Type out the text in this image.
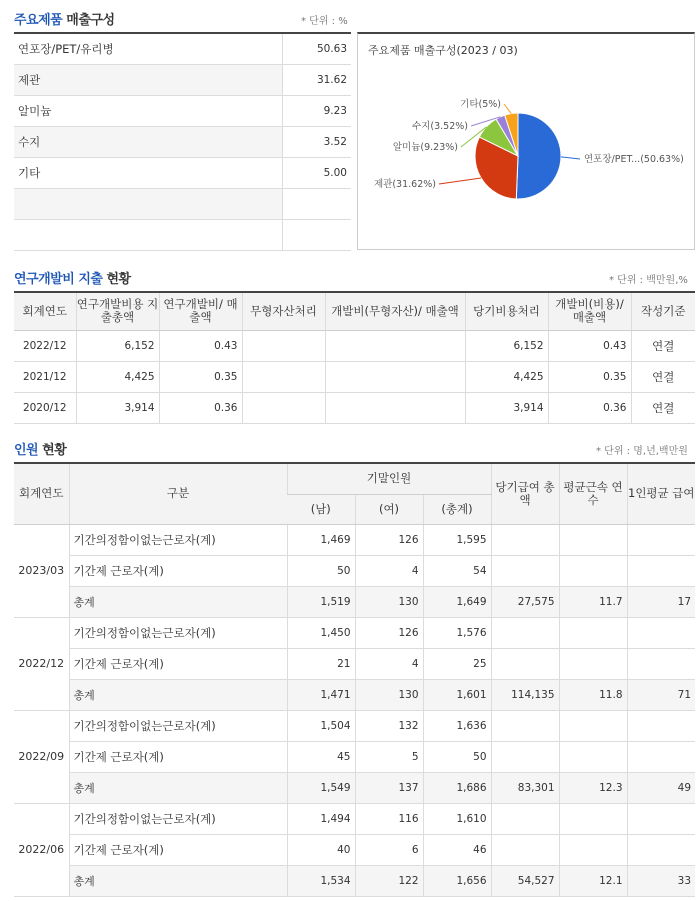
주요제품 매출구성	* 단위 : %
연포장/PET/유리병	50.63
제관	31.62
알미늄	9.23
수지	3.52
기타	5.00

주요제품 매출구성(2023 / 03)
연포장/PET...(50.63%)
제관(31.62%)
알미늄(9.23%)
수지(3.52%)
기타(5%)
연구개발비 지출 현황	* 단위 : 백만원,%
회계연도	연구개발비용 지출총액	연구개발비/ 매출액	무형자산처리	개발비(무형자산)/ 매출액	당기비용처리	개발비(비용)/ 매출액	작성기준
2022/12	6,152	0.43			6,152	0.43	연결
2021/12	4,425	0.35			4,425	0.35	연결
2020/12	3,914	0.36			3,914	0.36	연결
인원 현황	* 단위 : 명,년,백만원
회계연도	구분	기말인원			당기급여 총액	평균근속 연수	1인평균 급여
		(남)	(여)	(총계)			
2023/03	기간의정함이없는근로자(계)	1,469	126	1,595			
	기간제 근로자(계)	50	4	54			
	총계	1,519	130	1,649	27,575	11.7	17
2022/12	기간의정함이없는근로자(계)	1,450	126	1,576			
	기간제 근로자(계)	21	4	25			
	총계	1,471	130	1,601	114,135	11.8	71
2022/09	기간의정함이없는근로자(계)	1,504	132	1,636			
	기간제 근로자(계)	45	5	50			
	총계	1,549	137	1,686	83,301	12.3	49
2022/06	기간의정함이없는근로자(계)	1,494	116	1,610			
	기간제 근로자(계)	40	6	46			
	총계	1,534	122	1,656	54,527	12.1	33
